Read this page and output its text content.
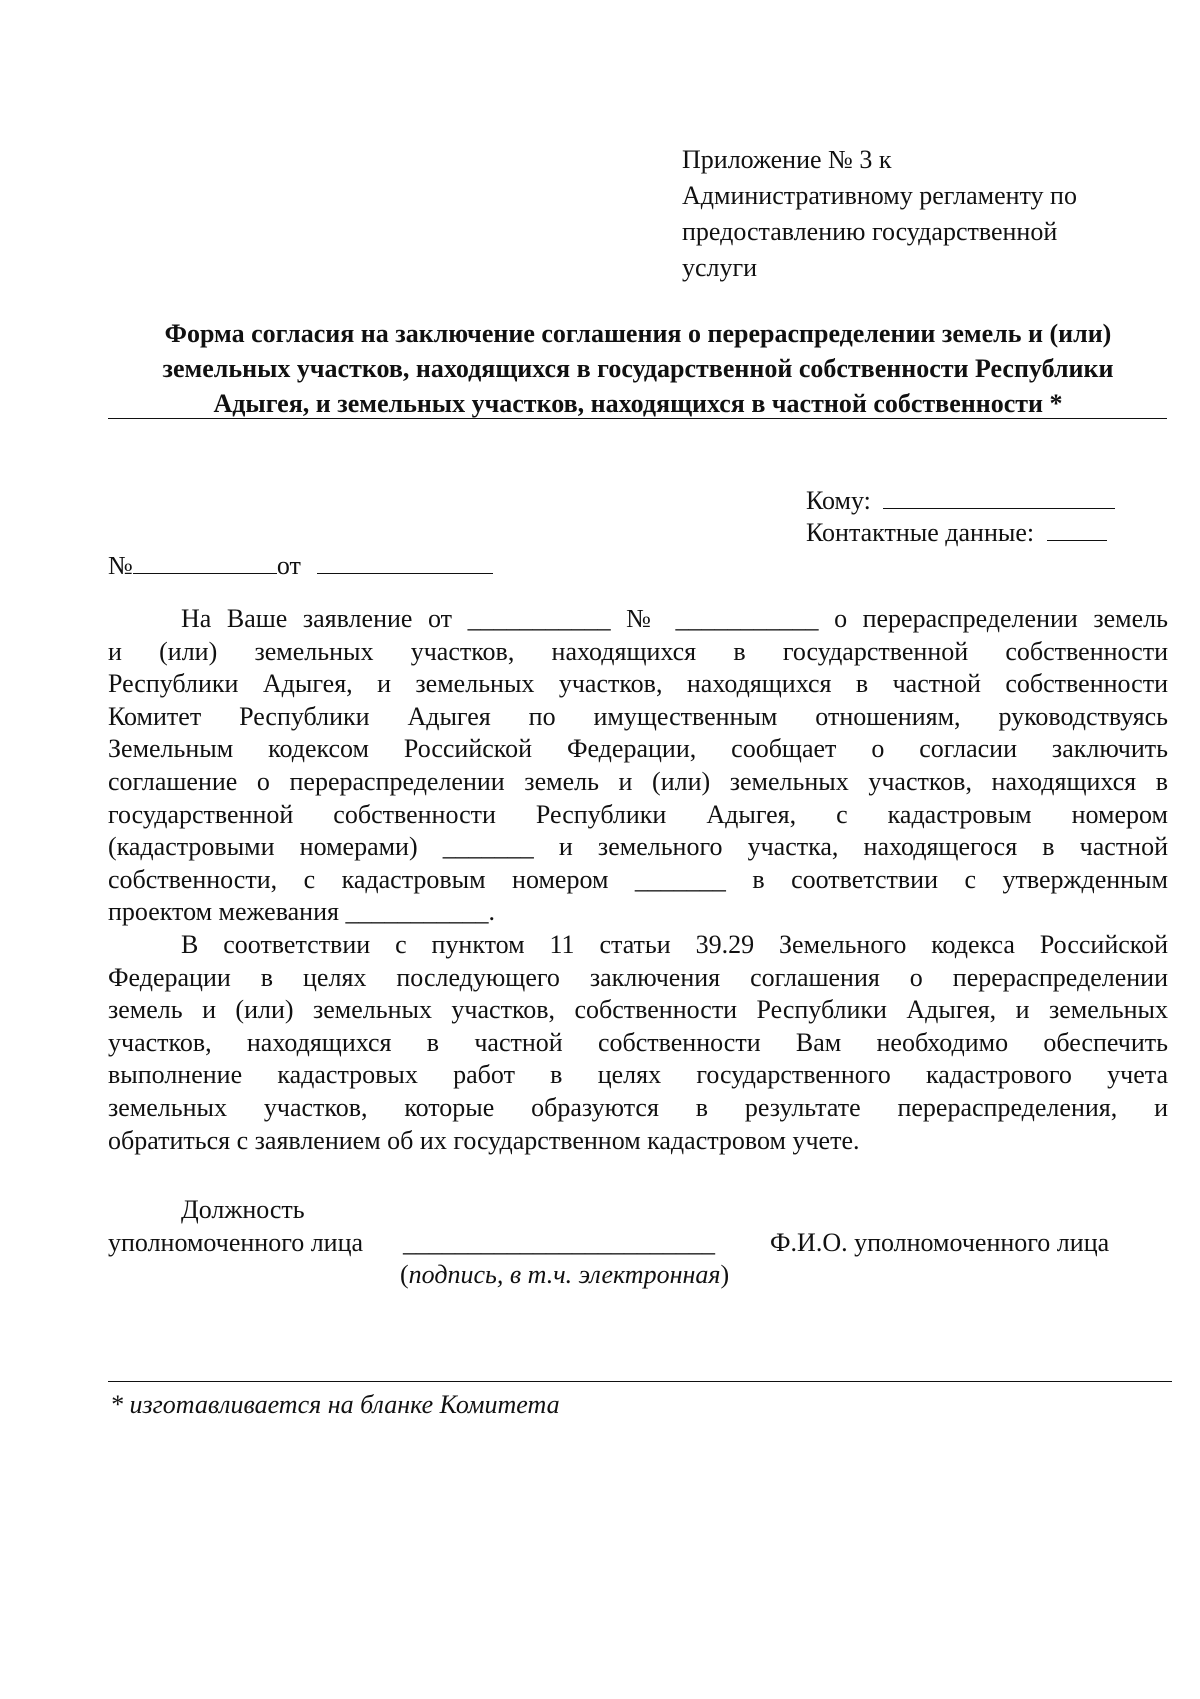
Приложение № 3 к
Административному регламенту по
предоставлению государственной
услуги
Форма согласия на заключение соглашения о перераспределении земель и (или)
земельных участков, находящихся в государственной собственности Республики
Адыгея, и земельных участков, находящихся в частной собственности *
Кому:
Контактные данные:
№	от
На Ваше заявление от ___________ № ___________ о перераспределении земель
и (или) земельных участков, находящихся в государственной собственности
Республики Адыгея, и земельных участков, находящихся в частной собственности
Комитет Республики Адыгея по имущественным отношениям, руководствуясь
Земельным кодексом Российской Федерации, сообщает о согласии заключить
соглашение о перераспределении земель и (или) земельных участков, находящихся в
государственной собственности Республики Адыгея, с кадастровым номером
(кадастровыми номерами) _______ и земельного участка, находящегося в частной
собственности, с кадастровым номером _______ в соответствии с утвержденным
проектом межевания ___________.
В соответствии с пунктом 11 статьи 39.29 Земельного кодекса Российской
Федерации в целях последующего заключения соглашения о перераспределении
земель и (или) земельных участков, собственности Республики Адыгея, и земельных
участков, находящихся в частной собственности Вам необходимо обеспечить
выполнение кадастровых работ в целях государственного кадастрового учета
земельных участков, которые образуются в результате перераспределения, и
обратиться с заявлением об их государственном кадастровом учете.
Должность
уполномоченного лица ________________________ Ф.И.О. уполномоченного лица
(подпись, в т.ч. электронная)
* изготавливается на бланке Комитета
